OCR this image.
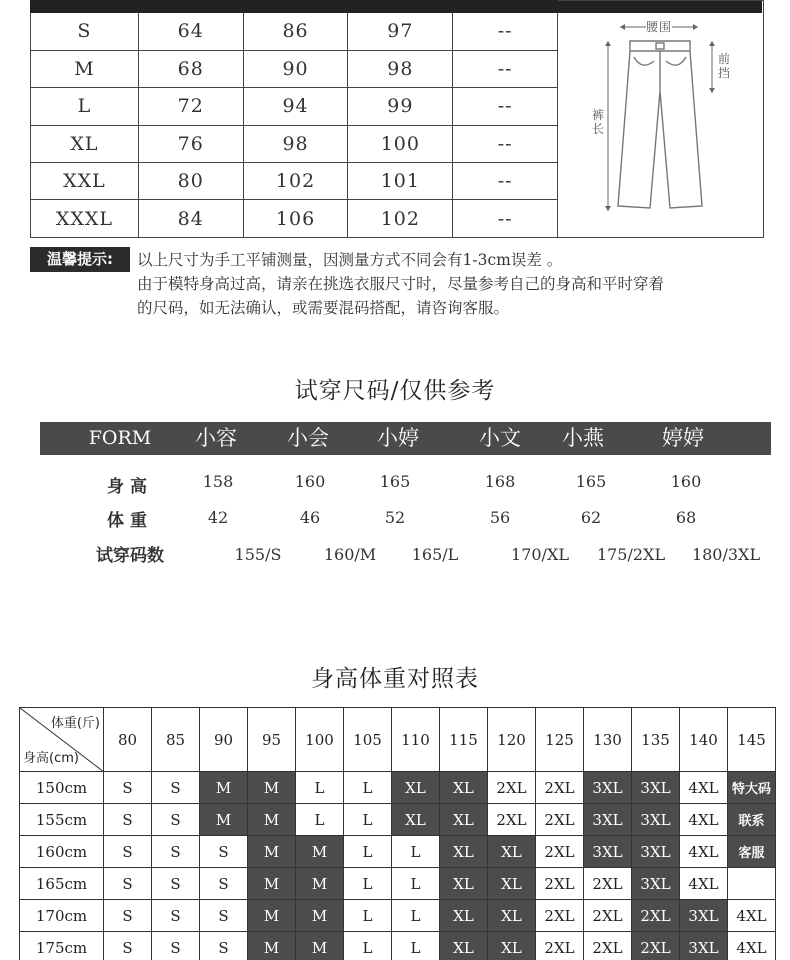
腰围
前 挡
裤 长

S	64	86	97	--	
M	68	90	98	--	
L	72	94	99	--	
XL	76	98	100	--	
XXL	80	102	101	--	
XXXL	84	106	102	--	
温馨提示:	以上尺寸为手工平铺测量，因测量方式不同会有1-3cm误差 。
由于模特身高过高，请亲在挑选衣服尺寸时，尽量参考自己的身高和平时穿着
的尺码，如无法确认，或需要混码搭配，请咨询客服。
试穿尺码/仅供参考
FORM	小容	小会	小婷	小文	小燕	婷婷
身高	158	160	165	168	165	160
体重	42	46	52	56	62	68
试穿码数	155/S	160/M	165/L	170/XL	175/2XL	180/3XL
身高体重对照表
体重(斤)
身高(cm)	80	85	90	95	100	105	110	115	120	125	130	135	140	145
150cm	S	S	M	M	L	L	XL	XL	2XL	2XL	3XL	3XL	4XL	特大码
155cm	S	S	M	M	L	L	XL	XL	2XL	2XL	3XL	3XL	4XL	联系
160cm	S	S	S	M	M	L	L	XL	XL	2XL	3XL	3XL	4XL	客服
165cm	S	S	S	M	M	L	L	XL	XL	2XL	2XL	3XL	4XL	
170cm	S	S	S	M	M	L	L	XL	XL	2XL	2XL	2XL	3XL	4XL
175cm	S	S	S	M	M	L	L	XL	XL	2XL	2XL	2XL	3XL	4XL
